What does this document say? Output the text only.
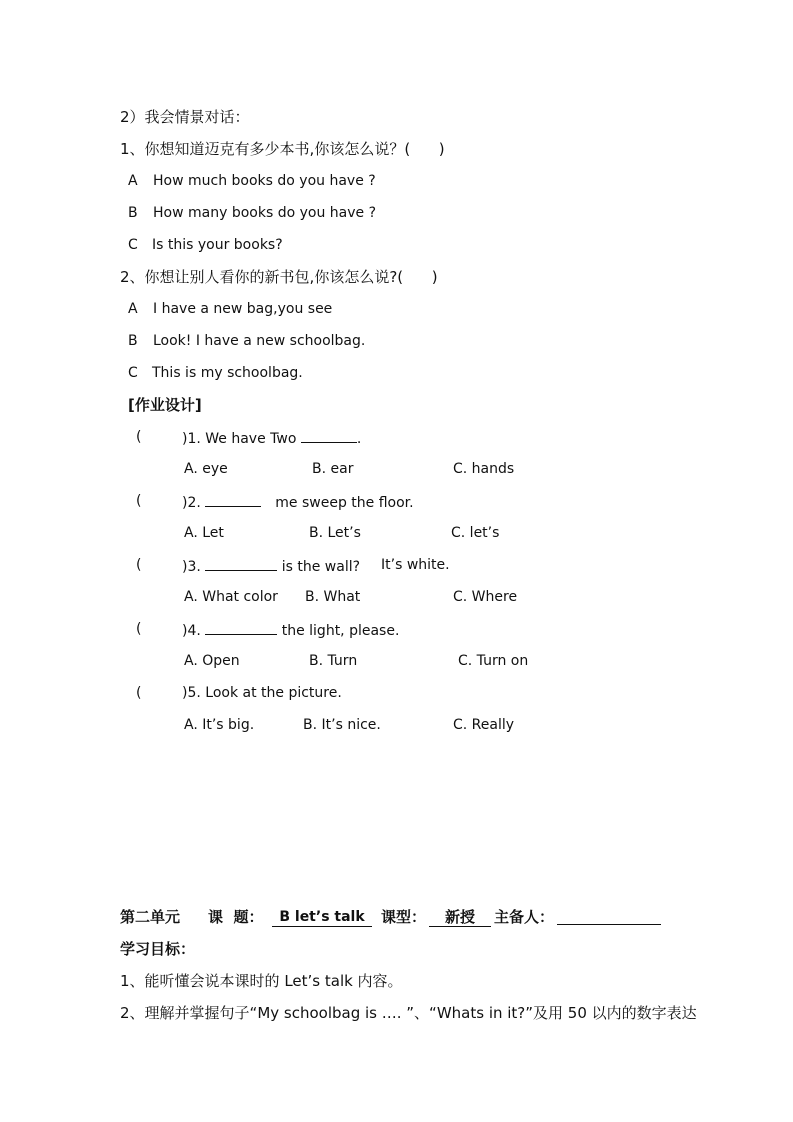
2）我会情景对话：
1、你想知道迈克有多少本书,你该怎么说？(      )
A How much books do you have ?
B How many books do you have ?
C Is this your books?
2、你想让别人看你的新书包,你该怎么说?(      )
A I have a new bag,you see
B Look! I have a new schoolbag.
C This is my schoolbag.
[作业设计]
(	)1. We have Two	.
A. eye	B. ear	C. hands
(	)2.	me sweep the floor.
A. Let	B. Let’s	C. let’s
(	)3.	is the wall? It’s white.
A. What color B. What	C. Where
(	)4.	the light, please.
A. Open	B. Turn	C. Turn on
(	)5. Look at the picture.
A. It’s big.	B. It’s nice.	C. Really
第二单元 课  题：	B let’s talk	课型：	新授	主备人：
学习目标：
1、能听懂会说本课时的 Let’s talk 内容。
2、理解并掌握句子“My schoolbag is …. ”、“Whats in it?”及用 50 以内的数字表达
